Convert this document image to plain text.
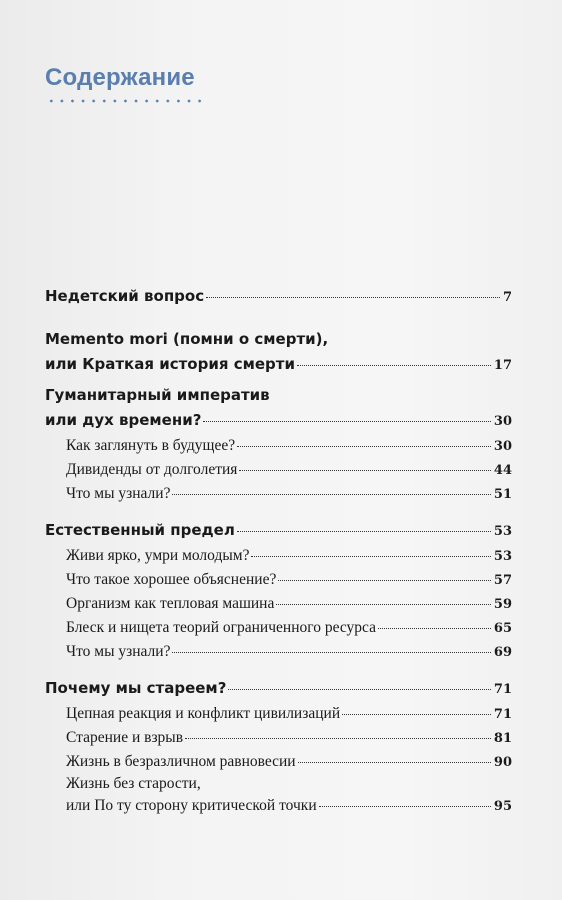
Содержание
Недетский вопрос	7
Memento mori (помни о смерти),
или Краткая история смерти	17
Гуманитарный императив
или дух времени?	30
Как заглянуть в будущее?	30
Дивиденды от долголетия	44
Что мы узнали?	51
Естественный предел	53
Живи ярко, умри молодым?	53
Что такое хорошее объяснение?	57
Организм как тепловая машина	59
Блеск и нищета теорий ограниченного ресурса	65
Что мы узнали?	69
Почему мы стареем?	71
Цепная реакция и конфликт цивилизаций	71
Старение и взрыв	81
Жизнь в безразличном равновесии	90
Жизнь без старости,
или По ту сторону критической точки	95
